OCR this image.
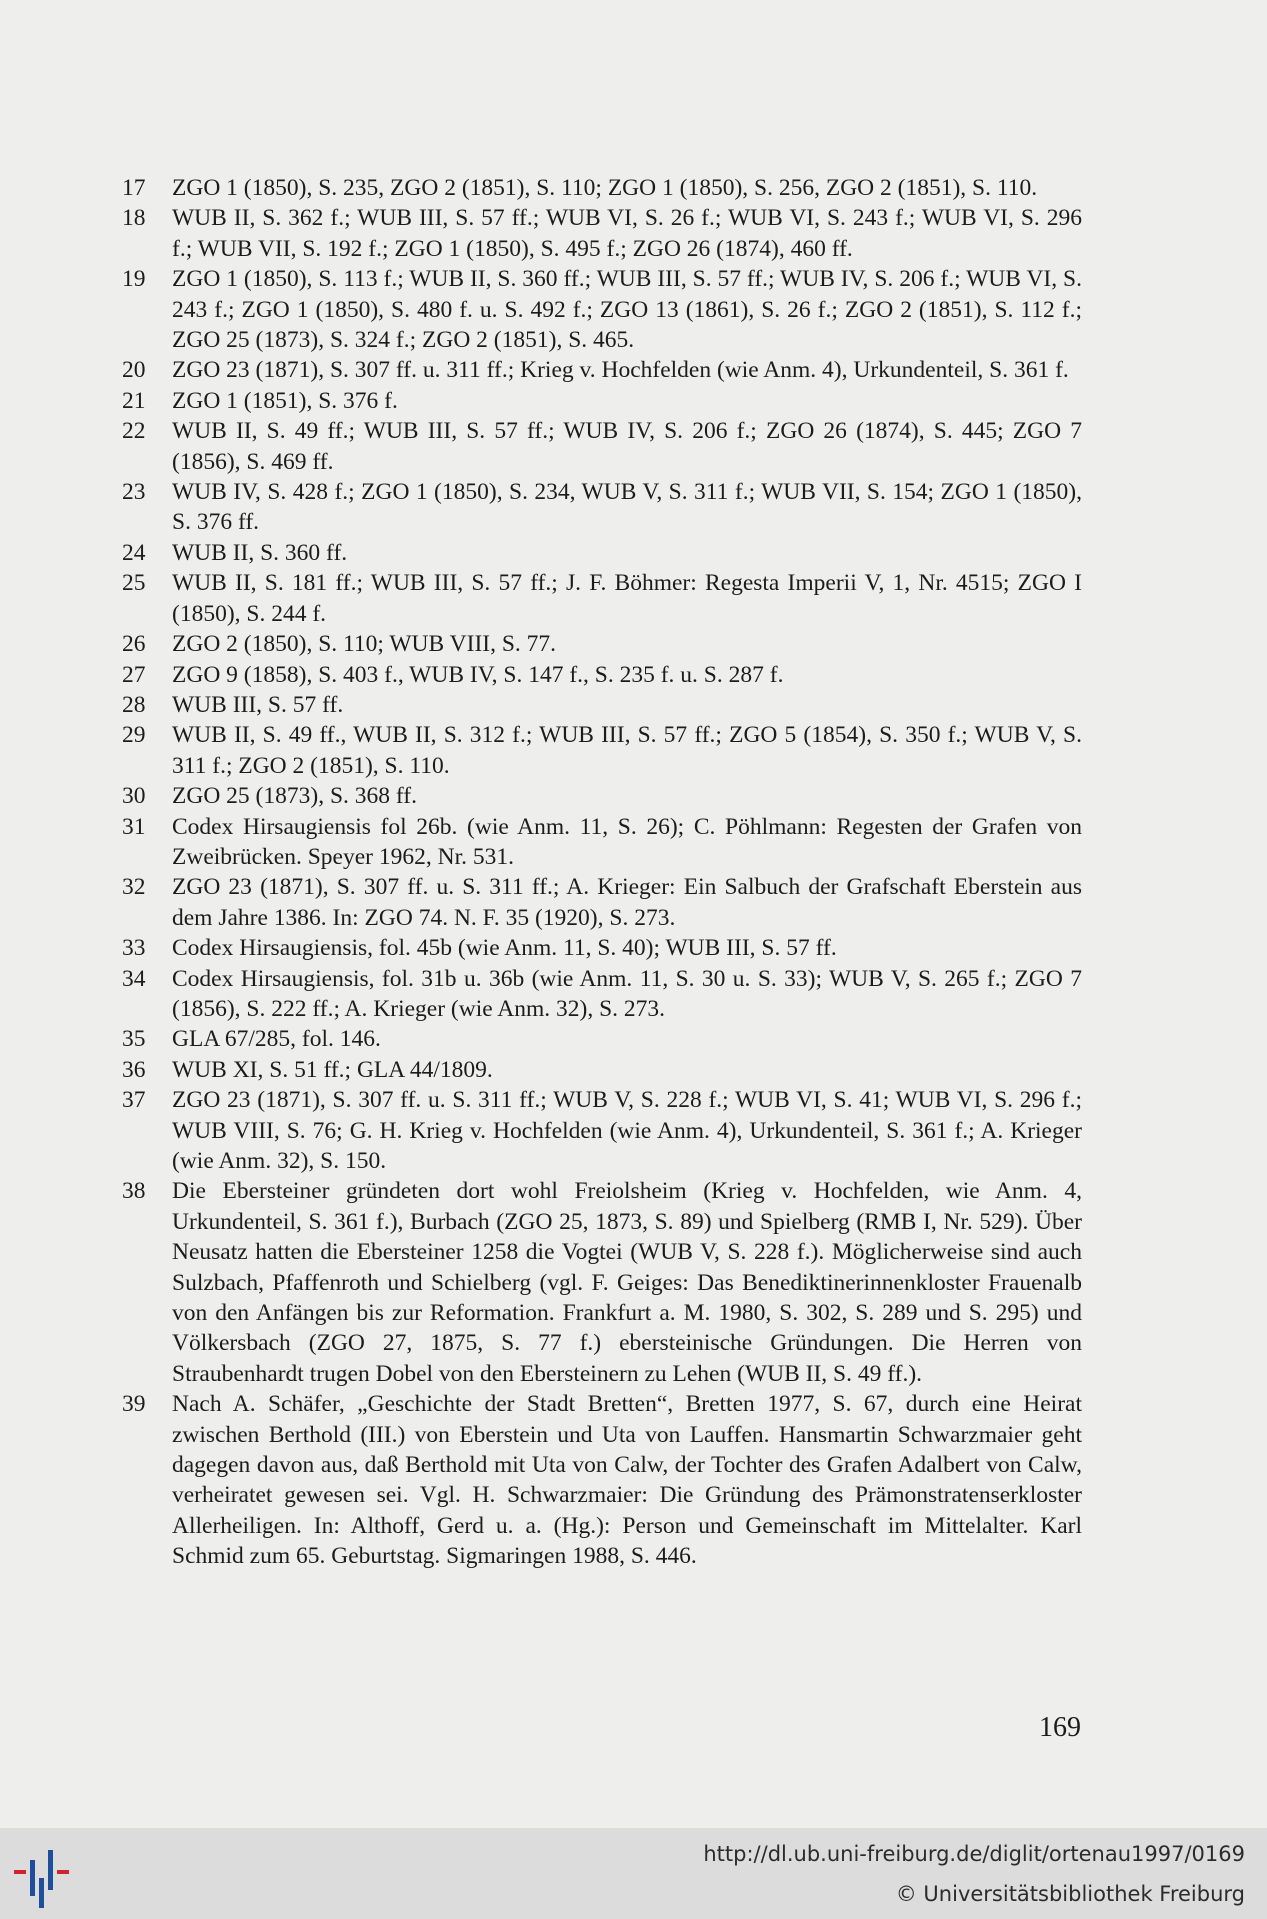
17	ZGO 1 (1850), S. 235, ZGO 2 (1851), S. 110; ZGO 1 (1850), S. 256, ZGO 2 (1851), S. 110.
18	WUB II, S. 362 f.; WUB III, S. 57 ff.; WUB VI, S. 26 f.; WUB VI, S. 243 f.; WUB VI, S. 296 f.; WUB VII, S. 192 f.; ZGO 1 (1850), S. 495 f.; ZGO 26 (1874), 460 ff.
19	ZGO 1 (1850), S. 113 f.; WUB II, S. 360 ff.; WUB III, S. 57 ff.; WUB IV, S. 206 f.; WUB VI, S. 243 f.; ZGO 1 (1850), S. 480 f. u. S. 492 f.; ZGO 13 (1861), S. 26 f.; ZGO 2 (1851), S. 112 f.; ZGO 25 (1873), S. 324 f.; ZGO 2 (1851), S. 465.
20	ZGO 23 (1871), S. 307 ff. u. 311 ff.; Krieg v. Hochfelden (wie Anm. 4), Urkundenteil, S. 361 f.
21	ZGO 1 (1851), S. 376 f.
22	WUB II, S. 49 ff.; WUB III, S. 57 ff.; WUB IV, S. 206 f.; ZGO 26 (1874), S. 445; ZGO 7 (1856), S. 469 ff.
23	WUB IV, S. 428 f.; ZGO 1 (1850), S. 234, WUB V, S. 311 f.; WUB VII, S. 154; ZGO 1 (1850), S. 376 ff.
24	WUB II, S. 360 ff.
25	WUB II, S. 181 ff.; WUB III, S. 57 ff.; J. F. Böhmer: Regesta Imperii V, 1, Nr. 4515; ZGO I (1850), S. 244 f.
26	ZGO 2 (1850), S. 110; WUB VIII, S. 77.
27	ZGO 9 (1858), S. 403 f., WUB IV, S. 147 f., S. 235 f. u. S. 287 f.
28	WUB III, S. 57 ff.
29	WUB II, S. 49 ff., WUB II, S. 312 f.; WUB III, S. 57 ff.; ZGO 5 (1854), S. 350 f.; WUB V, S. 311 f.; ZGO 2 (1851), S. 110.
30	ZGO 25 (1873), S. 368 ff.
31	Codex Hirsaugiensis fol 26b. (wie Anm. 11, S. 26); C. Pöhlmann: Regesten der Grafen von Zweibrücken. Speyer 1962, Nr. 531.
32	ZGO 23 (1871), S. 307 ff. u. S. 311 ff.; A. Krieger: Ein Salbuch der Grafschaft Eberstein aus dem Jahre 1386. In: ZGO 74. N. F. 35 (1920), S. 273.
33	Codex Hirsaugiensis, fol. 45b (wie Anm. 11, S. 40); WUB III, S. 57 ff.
34	Codex Hirsaugiensis, fol. 31b u. 36b (wie Anm. 11, S. 30 u. S. 33); WUB V, S. 265 f.; ZGO 7 (1856), S. 222 ff.; A. Krieger (wie Anm. 32), S. 273.
35	GLA 67/285, fol. 146.
36	WUB XI, S. 51 ff.; GLA 44/1809.
37	ZGO 23 (1871), S. 307 ff. u. S. 311 ff.; WUB V, S. 228 f.; WUB VI, S. 41; WUB VI, S. 296 f.; WUB VIII, S. 76; G. H. Krieg v. Hochfelden (wie Anm. 4), Urkundenteil, S. 361 f.; A. Krieger (wie Anm. 32), S. 150.
38	Die Ebersteiner gründeten dort wohl Freiolsheim (Krieg v. Hochfelden, wie Anm. 4, Urkundenteil, S. 361 f.), Burbach (ZGO 25, 1873, S. 89) und Spielberg (RMB I, Nr. 529). Über Neusatz hatten die Ebersteiner 1258 die Vogtei (WUB V, S. 228 f.). Möglicherweise sind auch Sulzbach, Pfaffenroth und Schielberg (vgl. F. Geiges: Das Benediktinerinnenkloster Frauenalb von den Anfängen bis zur Reformation. Frankfurt a. M. 1980, S. 302, S. 289 und S. 295) und Völkersbach (ZGO 27, 1875, S. 77 f.) ebersteinische Gründungen. Die Herren von Straubenhardt trugen Dobel von den Ebersteinern zu Lehen (WUB II, S. 49 ff.).
39	Nach A. Schäfer, „Geschichte der Stadt Bretten“, Bretten 1977, S. 67, durch eine Heirat zwischen Berthold (III.) von Eberstein und Uta von Lauffen. Hansmartin Schwarzmaier geht dagegen davon aus, daß Berthold mit Uta von Calw, der Tochter des Grafen Adalbert von Calw, verheiratet gewesen sei. Vgl. H. Schwarzmaier: Die Gründung des Prämonstratenserkloster Allerheiligen. In: Althoff, Gerd u. a. (Hg.): Person und Gemeinschaft im Mittelalter. Karl Schmid zum 65. Geburtstag. Sigmaringen 1988, S. 446.
169
http://dl.ub.uni-freiburg.de/diglit/ortenau1997/0169
© Universitätsbibliothek Freiburg
